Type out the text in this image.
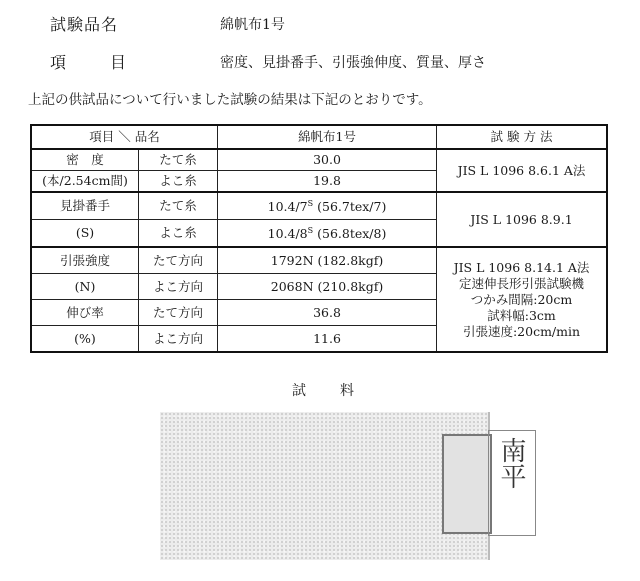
試験品名	綿帆布1号
項　目	密度、見掛番手、引張強伸度、質量、厚さ
上記の供試品について行いました試験の結果は下記のとおりです。
項目 ＼ 品名		綿帆布1号	試 験 方 法
密　度	たて糸	30.0	JIS L 1096 8.6.1 A法
(本/2.54cm間)	よこ糸	19.8	
見掛番手	たて糸	$10.4/7^S$ (56.7tex/7)	JIS L 1096 8.9.1
(S)	よこ糸	$10.4/8^S$ (56.8tex/8)	
引張強度	たて方向	1792N (182.8kgf)	JIS L 1096 8.14.1 A法
定速伸長形引張試験機
つかみ間隔:20cm
試料幅:3cm
引張速度:20cm/min

(N)	よこ方向	2068N (210.8kgf)	
伸び率	たて方向	36.8	
(%)	よこ方向	11.6	
試料
南平
